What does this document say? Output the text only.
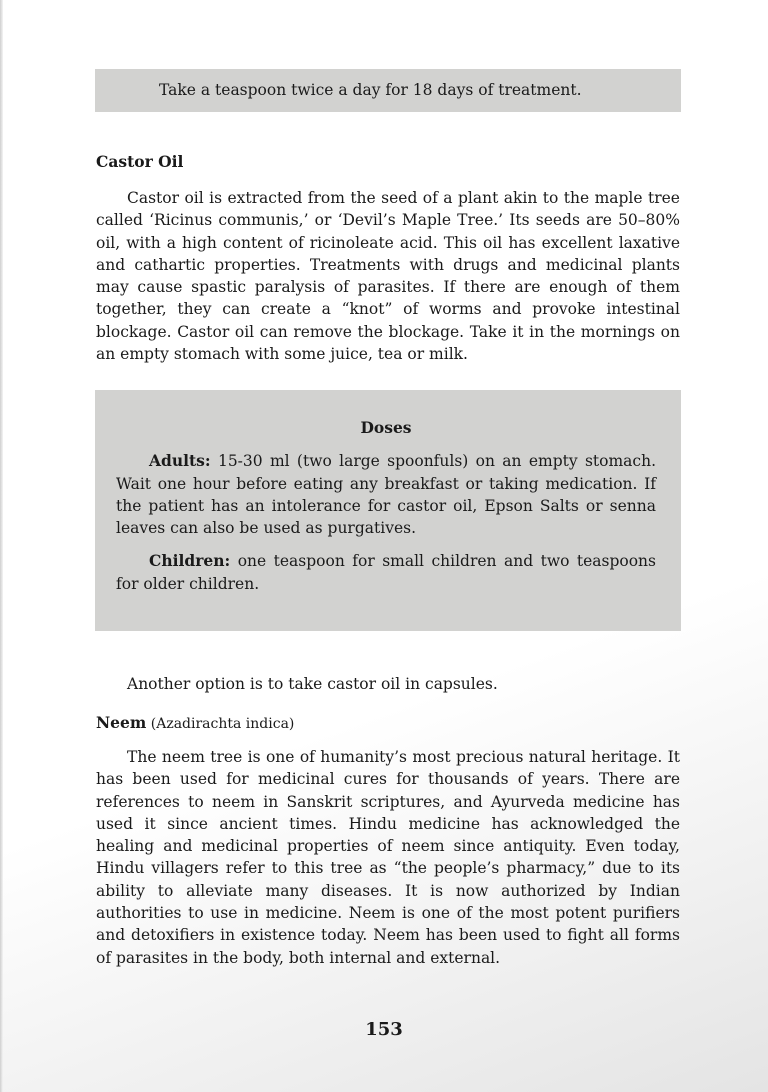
Take a teaspoon twice a day for 18 days of treatment.
Castor Oil

Castor oil is extracted from the seed of a plant akin to the maple tree called ‘Ricinus communis,’ or ‘Devil’s Maple Tree.’ Its seeds are 50–80% oil, with a high content of ricinoleate acid. This oil has excellent laxative and cathartic properties. Treatments with drugs and medicinal plants may cause spastic paralysis of parasites. If there are enough of them together, they can create a “knot” of worms and provoke intestinal blockage. Castor oil can remove the blockage. Take it in the mornings on an empty stomach with some juice, tea or milk.

Doses

Adults: 15-30 ml (two large spoonfuls) on an empty stomach. Wait one hour before eating any breakfast or taking medication. If the patient has an intolerance for castor oil, Epson Salts or senna leaves can also be used as purgatives.

Children: one teaspoon for small children and two teaspoons for older children.

Another option is to take castor oil in capsules.

Neem (Azadirachta indica)

The neem tree is one of humanity’s most precious natural heritage. It has been used for medicinal cures for thousands of years. There are references to neem in Sanskrit scriptures, and Ayurveda medicine has used it since ancient times. Hindu medicine has acknowledged the healing and medicinal properties of neem since antiquity. Even today, Hindu villagers refer to this tree as “the people’s pharmacy,” due to its ability to alleviate many diseases. It is now authorized by Indian authorities to use in medicine. Neem is one of the most potent purifiers and detoxifiers in existence today. Neem has been used to fight all forms of parasites in the body, both internal and external.

153
